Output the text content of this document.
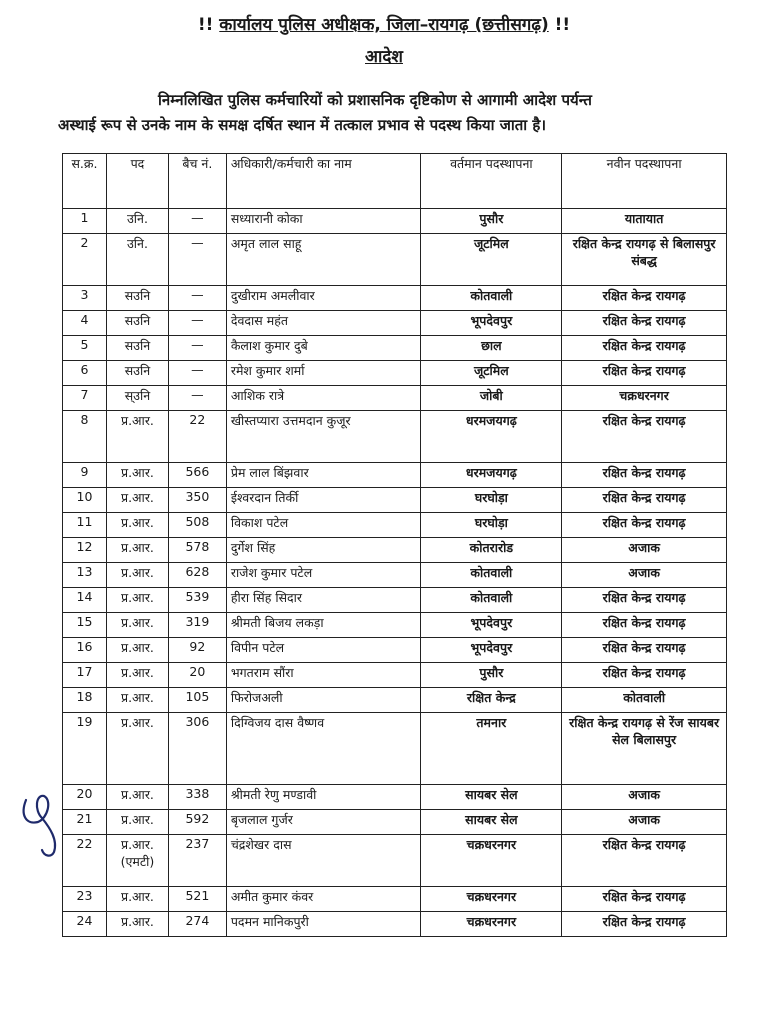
!! कार्यालय पुलिस अधीक्षक, जिला–रायगढ़ (छत्तीसगढ़) !!
आदेश
निम्नलिखित पुलिस कर्मचारियों को प्रशासनिक दृष्टिकोण से आगामी आदेश पर्यन्त
अस्थाई रूप से उनके नाम के समक्ष दर्षित स्थान में तत्काल प्रभाव से पदस्थ किया जाता है।
स.क्र.	पद	बैच नं.	अधिकारी/कर्मचारी का नाम	वर्तमान पदस्थापना	नवीन पदस्थापना
1	उनि.	—	सध्यारानी कोका	पुसौर	यातायात
2	उनि.	—	अमृत लाल साहू	जूटमिल	रक्षित केन्द्र रायगढ़ से बिलासपुर संबद्ध
3	सउनि	—	दुखीराम अमलीवार	कोतवाली	रक्षित केन्द्र रायगढ़
4	सउनि	—	देवदास महंत	भूपदेवपुर	रक्षित केन्द्र रायगढ़
5	सउनि	—	कैलाश कुमार दुबे	छाल	रक्षित केन्द्र रायगढ़
6	सउनि	—	रमेश कुमार शर्मा	जूटमिल	रक्षित केन्द्र रायगढ़
7	स्उनि	—	आशिक रात्रे	जोबी	चक्रधरनगर
8	प्र.आर.	22	खीस्तप्यारा उत्तमदान कुजूर	धरमजयगढ़	रक्षित केन्द्र रायगढ़
9	प्र.आर.	566	प्रेम लाल बिंझवार	धरमजयगढ़	रक्षित केन्द्र रायगढ़
10	प्र.आर.	350	ईश्वरदान तिर्की	घरघोड़ा	रक्षित केन्द्र रायगढ़
11	प्र.आर.	508	विकाश पटेल	घरघोड़ा	रक्षित केन्द्र रायगढ़
12	प्र.आर.	578	दुर्गेश सिंह	कोतरारोड	अजाक
13	प्र.आर.	628	राजेश कुमार पटेल	कोतवाली	अजाक
14	प्र.आर.	539	हीरा सिंह सिदार	कोतवाली	रक्षित केन्द्र रायगढ़
15	प्र.आर.	319	श्रीमती बिजय लकड़ा	भूपदेवपुर	रक्षित केन्द्र रायगढ़
16	प्र.आर.	92	विपीन पटेल	भूपदेवपुर	रक्षित केन्द्र रायगढ़
17	प्र.आर.	20	भगतराम सौंरा	पुसौर	रक्षित केन्द्र रायगढ़
18	प्र.आर.	105	फिरोजअली	रक्षित केन्द्र	कोतवाली
19	प्र.आर.	306	दिग्विजय दास वैष्णव	तमनार	रक्षित केन्द्र रायगढ़ से रेंज सायबर सेल बिलासपुर
20	प्र.आर.	338	श्रीमती रेणु मण्डावी	सायबर सेल	अजाक
21	प्र.आर.	592	बृजलाल गुर्जर	सायबर सेल	अजाक
22	प्र.आर. (एमटी)	237	चंद्रशेखर दास	चक्रधरनगर	रक्षित केन्द्र रायगढ़
23	प्र.आर.	521	अमीत कुमार कंवर	चक्रधरनगर	रक्षित केन्द्र रायगढ़
24	प्र.आर.	274	पदमन मानिकपुरी	चक्रधरनगर	रक्षित केन्द्र रायगढ़
